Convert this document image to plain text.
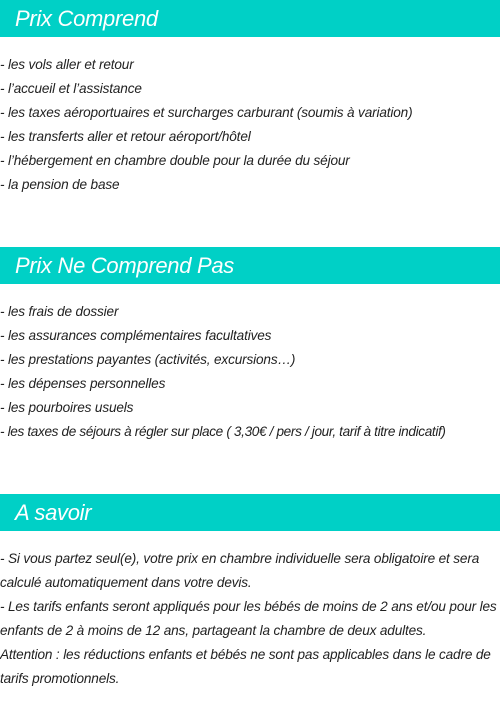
Prix Comprend
- les vols aller et retour
- l’accueil et l’assistance
- les taxes aéroportuaires et surcharges carburant (soumis à variation)
- les transferts aller et retour aéroport/hôtel
- l’hébergement en chambre double pour la durée du séjour
- la pension de base
Prix Ne Comprend Pas
- les frais de dossier
- les assurances complémentaires facultatives
- les prestations payantes (activités, excursions…)
- les dépenses personnelles
- les pourboires usuels
- les taxes de séjours à régler sur place ( 3,30€ / pers / jour, tarif à titre indicatif)
A savoir
- Si vous partez seul(e), votre prix en chambre individuelle sera obligatoire et sera calculé automatiquement dans votre devis.
- Les tarifs enfants seront appliqués pour les bébés de moins de 2 ans et/ou pour les enfants de 2 à moins de 12 ans, partageant la chambre de deux adultes.
Attention : les réductions enfants et bébés ne sont pas applicables dans le cadre de tarifs promotionnels.
